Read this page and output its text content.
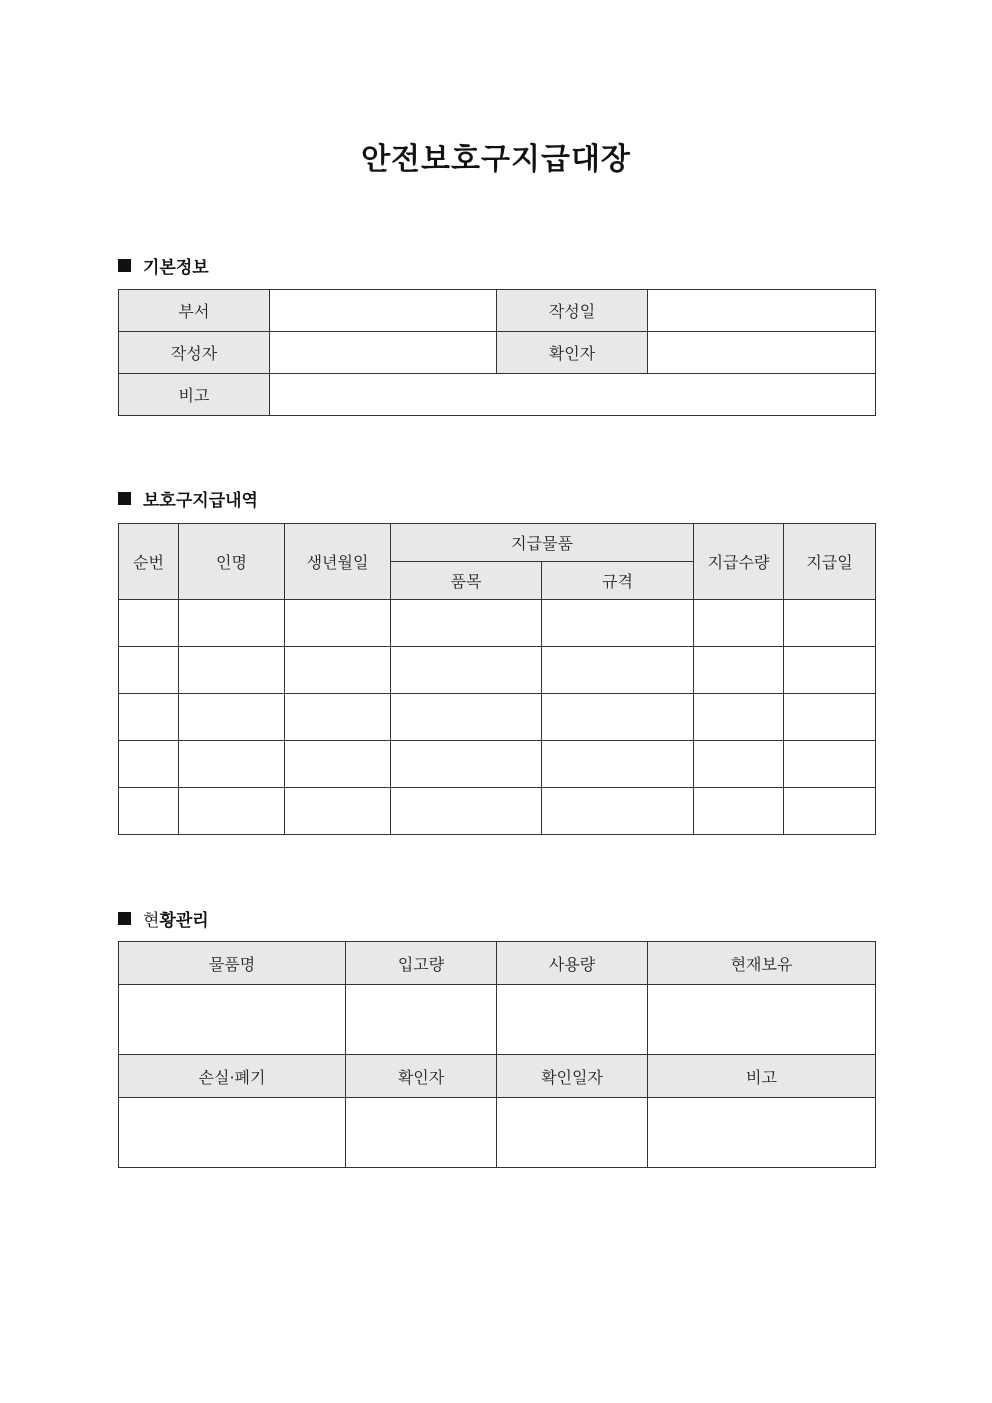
안전보호구지급대장
기본정보
부서		작성일	
작성자		확인자	
비고			
보호구지급내역
순번	인명	생년월일	지급물품		지급수량	지급일
			품목	규격		

현 황관리
물품명	입고량	사용량	현재보유

손실·폐기	확인자	확인일자	비고
